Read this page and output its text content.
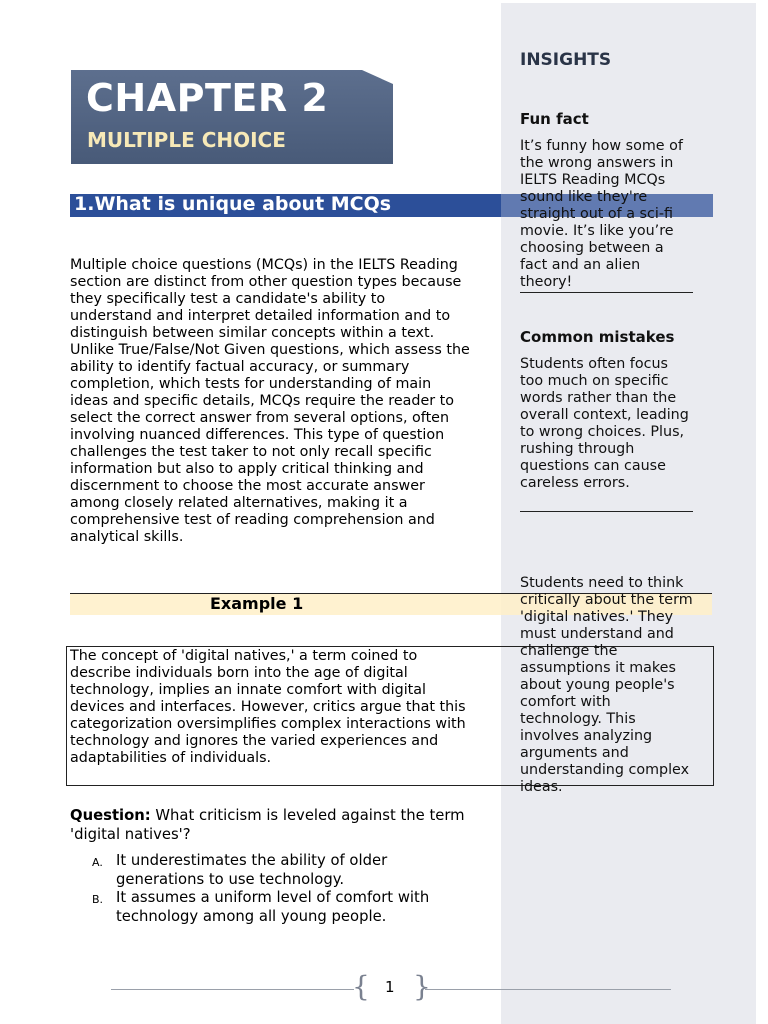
CHAPTER 2
MULTIPLE CHOICE
1.What is unique about MCQs
Multiple choice questions (MCQs) in the IELTS Reading section are distinct from other question types because they specifically test a candidate's ability to understand and interpret detailed information and to distinguish between similar concepts within a text. Unlike True/False/Not Given questions, which assess the ability to identify factual accuracy, or summary completion, which tests for understanding of main ideas and specific details, MCQs require the reader to select the correct answer from several options, often involving nuanced differences. This type of question challenges the test taker to not only recall specific information but also to apply critical thinking and discernment to choose the most accurate answer among closely related alternatives, making it a comprehensive test of reading comprehension and analytical skills.
Example 1
The concept of 'digital natives,' a term coined to describe individuals born into the age of digital technology, implies an innate comfort with digital devices and interfaces. However, critics argue that this categorization oversimplifies complex interactions with technology and ignores the varied experiences and adaptabilities of individuals.
Question: What criticism is leveled against the term 'digital natives'?
A. It underestimates the ability of older generations to use technology.
B. It assumes a uniform level of comfort with technology among all young people.
INSIGHTS
Fun fact
It’s funny how some of the wrong answers in IELTS Reading MCQs sound like they're straight out of a sci-fi movie. It’s like you’re choosing between a fact and an alien theory!
Common mistakes
Students often focus too much on specific words rather than the overall context, leading to wrong choices. Plus, rushing through questions can cause careless errors.
Students need to think critically about the term 'digital natives.' They must understand and challenge the assumptions it makes about young people's comfort with technology. This involves analyzing arguments and understanding complex ideas.
{ }
1
